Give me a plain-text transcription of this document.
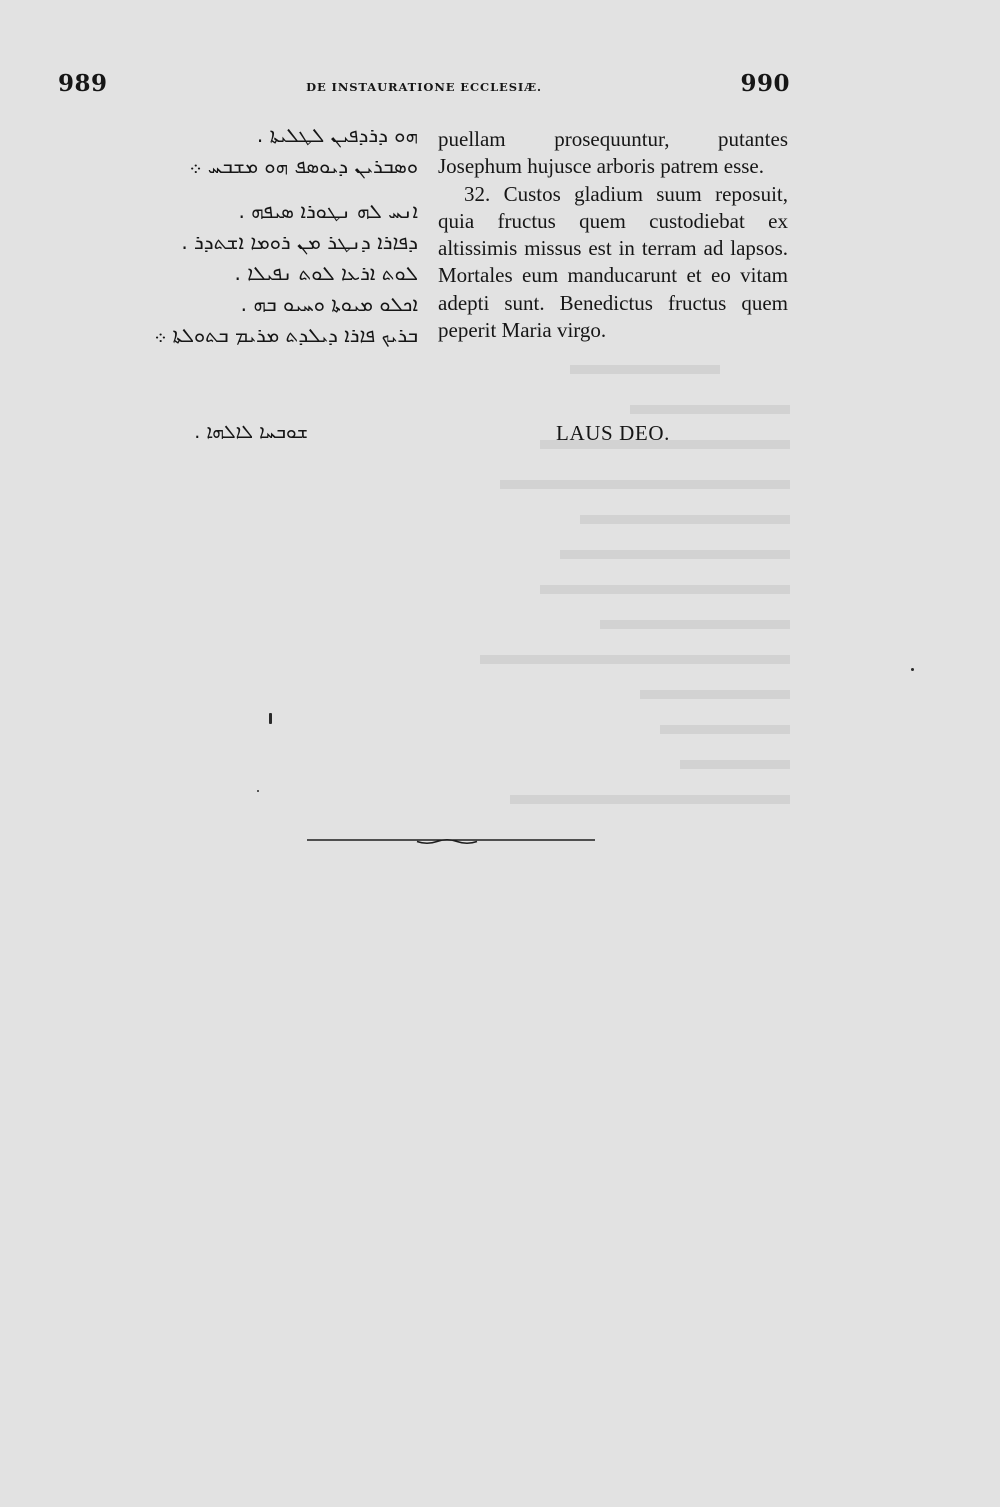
989	DE INSTAURATIONE ECCLESIÆ.	990
ܗܘ ܕܪܕܦܝܢ ܠܛܠܝܬܐ .
ܘܣܒܪܝܢ ܕܝܘܣܦ ܗܘ ܡܫܒܚ ܀
ܐܢܚ ܠܗ ܢܛܘܪܐ ܣܝܦܗ .
ܕܦܐܪܐ ܕܢܛܪ ܡܢ ܪܘܡܐ ܐܫܬܕܪ .
ܠܘܬ ܐܪܥܐ ܠܘܬ ܢܦܝܠܐ .
ܐܟܠܘ ܡܝܘܬܐ ܘܚܝܘ ܒܗ .
ܒܪܝܟ ܦܐܪܐ ܕܝܠܕܬ ܡܪܝܡ ܒܬܘܠܬܐ ܀
ܫܘܒܚܐ ܠܐܠܗܐ .

puellam prosequuntur, putantes Josephum hujusce arboris patrem esse.

32. Custos gladium suum reposuit, quia fructus quem custodiebat ex altissimis missus est in terram ad lapsos. Mortales eum manducarunt et eo vitam adepti sunt. Benedictus fructus quem peperit Maria virgo.

LAUS DEO.
